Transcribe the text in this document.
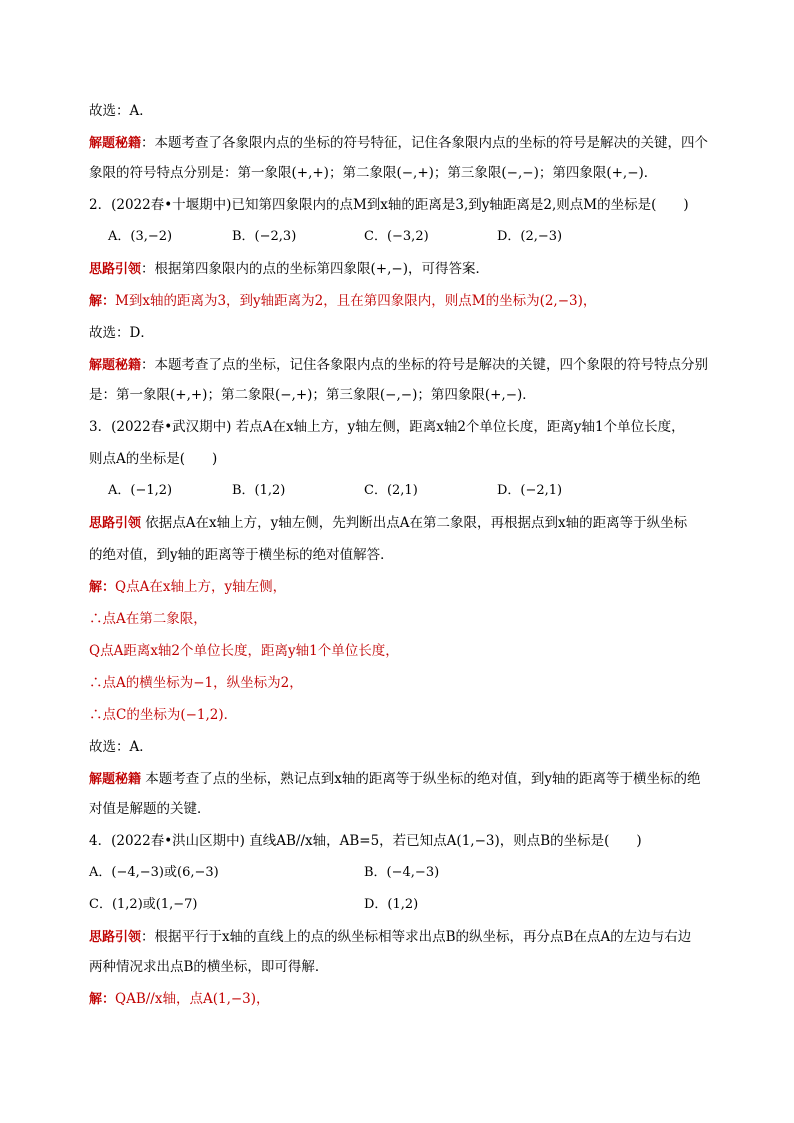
故选：A．
解题秘籍：本题考查了各象限内点的坐标的符号特征，记住各象限内点的坐标的符号是解决的关键，四个
象限的符号特点分别是：第一象限(+,+)；第二象限(−,+)；第三象限(−,−)；第四象限(+,−)．
2．(2022春•十堰期中)已知第四象限内的点M到x轴的距离是3,到y轴距离是2,则点M的坐标是(　　)
A．(3,−2)	B．(−2,3)	C．(−3,2)	D．(2,−3)
思路引领：根据第四象限内的点的坐标第四象限(+,−)，可得答案．
解：M到x轴的距离为3，到y轴距离为2，且在第四象限内，则点M的坐标为(2,−3)，
故选：D．
解题秘籍：本题考查了点的坐标，记住各象限内点的坐标的符号是解决的关键，四个象限的符号特点分别
是：第一象限(+,+)；第二象限(−,+)；第三象限(−,−)；第四象限(+,−)．
3．(2022春•武汉期中) 若点A在x轴上方，y轴左侧，距离x轴2个单位长度，距离y轴1个单位长度，
则点A的坐标是(　　)
A．(−1,2)	B．(1,2)	C．(2,1)	D．(−2,1)
思路引领 依据点A在x轴上方，y轴左侧，先判断出点A在第二象限，再根据点到x轴的距离等于纵坐标
的绝对值，到y轴的距离等于横坐标的绝对值解答．
解：Q点A在x轴上方，y轴左侧，
∴点A在第二象限，
Q点A距离x轴2个单位长度，距离y轴1个单位长度，
∴点A的横坐标为−1，纵坐标为2，
∴点C的坐标为(−1,2)．
故选：A．
解题秘籍 本题考查了点的坐标，熟记点到x轴的距离等于纵坐标的绝对值，到y轴的距离等于横坐标的绝
对值是解题的关键．
4．(2022春•洪山区期中) 直线AB//x轴，AB=5，若已知点A(1,−3)，则点B的坐标是(　　)
A．(−4,−3)或(6,−3)	B．(−4,−3)
C．(1,2)或(1,−7)	D．(1,2)
思路引领：根据平行于x轴的直线上的点的纵坐标相等求出点B的纵坐标，再分点B在点A的左边与右边
两种情况求出点B的横坐标，即可得解．
解：QAB//x轴，点A(1,−3)，
